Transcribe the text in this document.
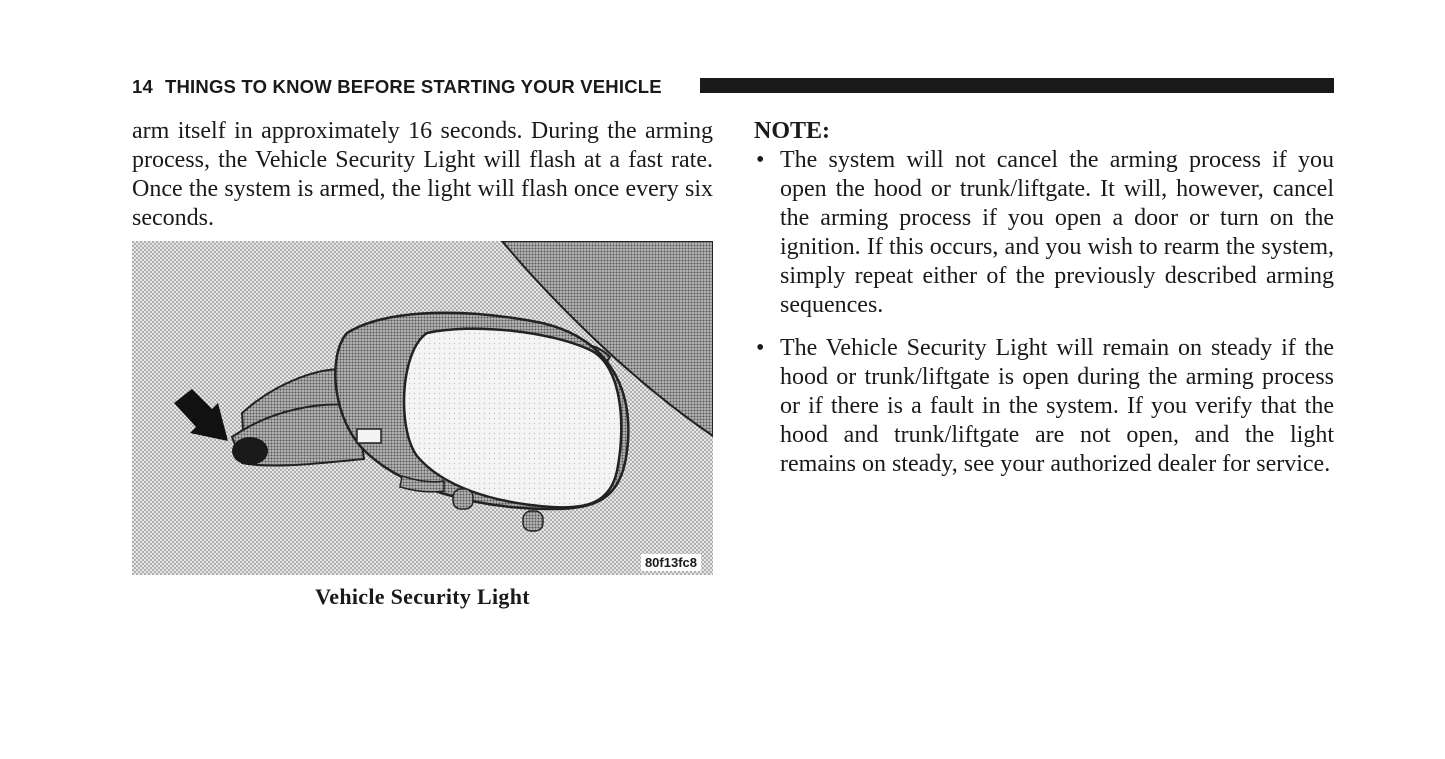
14 THINGS TO KNOW BEFORE STARTING YOUR VEHICLE

arm itself in approximately 16 seconds. During the arming process, the Vehicle Security Light will flash at a fast rate. Once the system is armed, the light will flash once every six seconds.

80f13fc8
Vehicle Security Light

NOTE:

• The system will not cancel the arming process if you open the hood or trunk/liftgate. It will, however, cancel the arming process if you open a door or turn on the ignition. If this occurs, and you wish to rearm the system, simply repeat either of the previously described arming sequences.

• The Vehicle Security Light will remain on steady if the hood or trunk/liftgate is open during the arming process or if there is a fault in the system. If you verify that the hood and trunk/liftgate are not open, and the light remains on steady, see your authorized dealer for service.
